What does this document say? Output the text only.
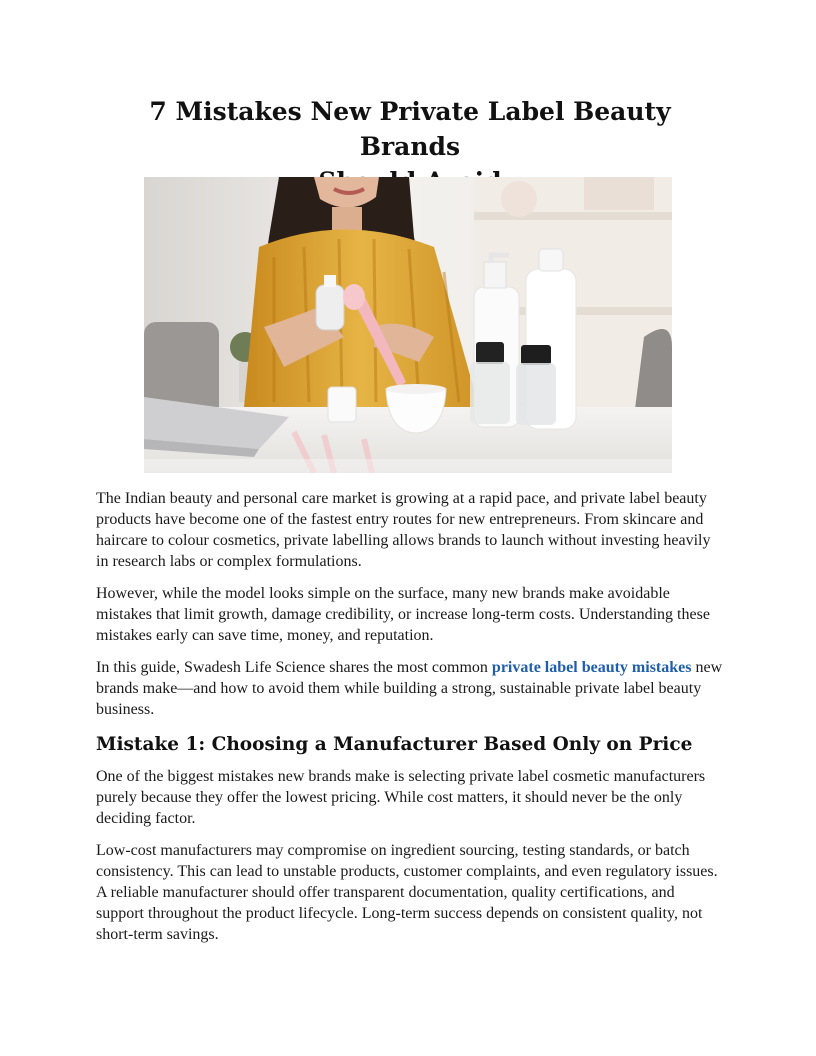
7 Mistakes New Private Label Beauty Brands

The Indian beauty and personal care market is growing at a rapid pace, and private label beauty products have become one of the fastest entry routes for new entrepreneurs. From skincare and haircare to colour cosmetics, private labelling allows brands to launch without investing heavily in research labs or complex formulations.

However, while the model looks simple on the surface, many new brands make avoidable mistakes that limit growth, damage credibility, or increase long-term costs. Understanding these mistakes early can save time, money, and reputation.

In this guide, Swadesh Life Science shares the most common private label beauty mistakes new brands make—and how to avoid them while building a strong, sustainable private label beauty business.

Mistake 1: Choosing a Manufacturer Based Only on Price

One of the biggest mistakes new brands make is selecting private label cosmetic manufacturers purely because they offer the lowest pricing. While cost matters, it should never be the only deciding factor.

Low-cost manufacturers may compromise on ingredient sourcing, testing standards, or batch consistency. This can lead to unstable products, customer complaints, and even regulatory issues. A reliable manufacturer should offer transparent documentation, quality certifications, and support throughout the product lifecycle. Long-term success depends on consistent quality, not short-term savings.
